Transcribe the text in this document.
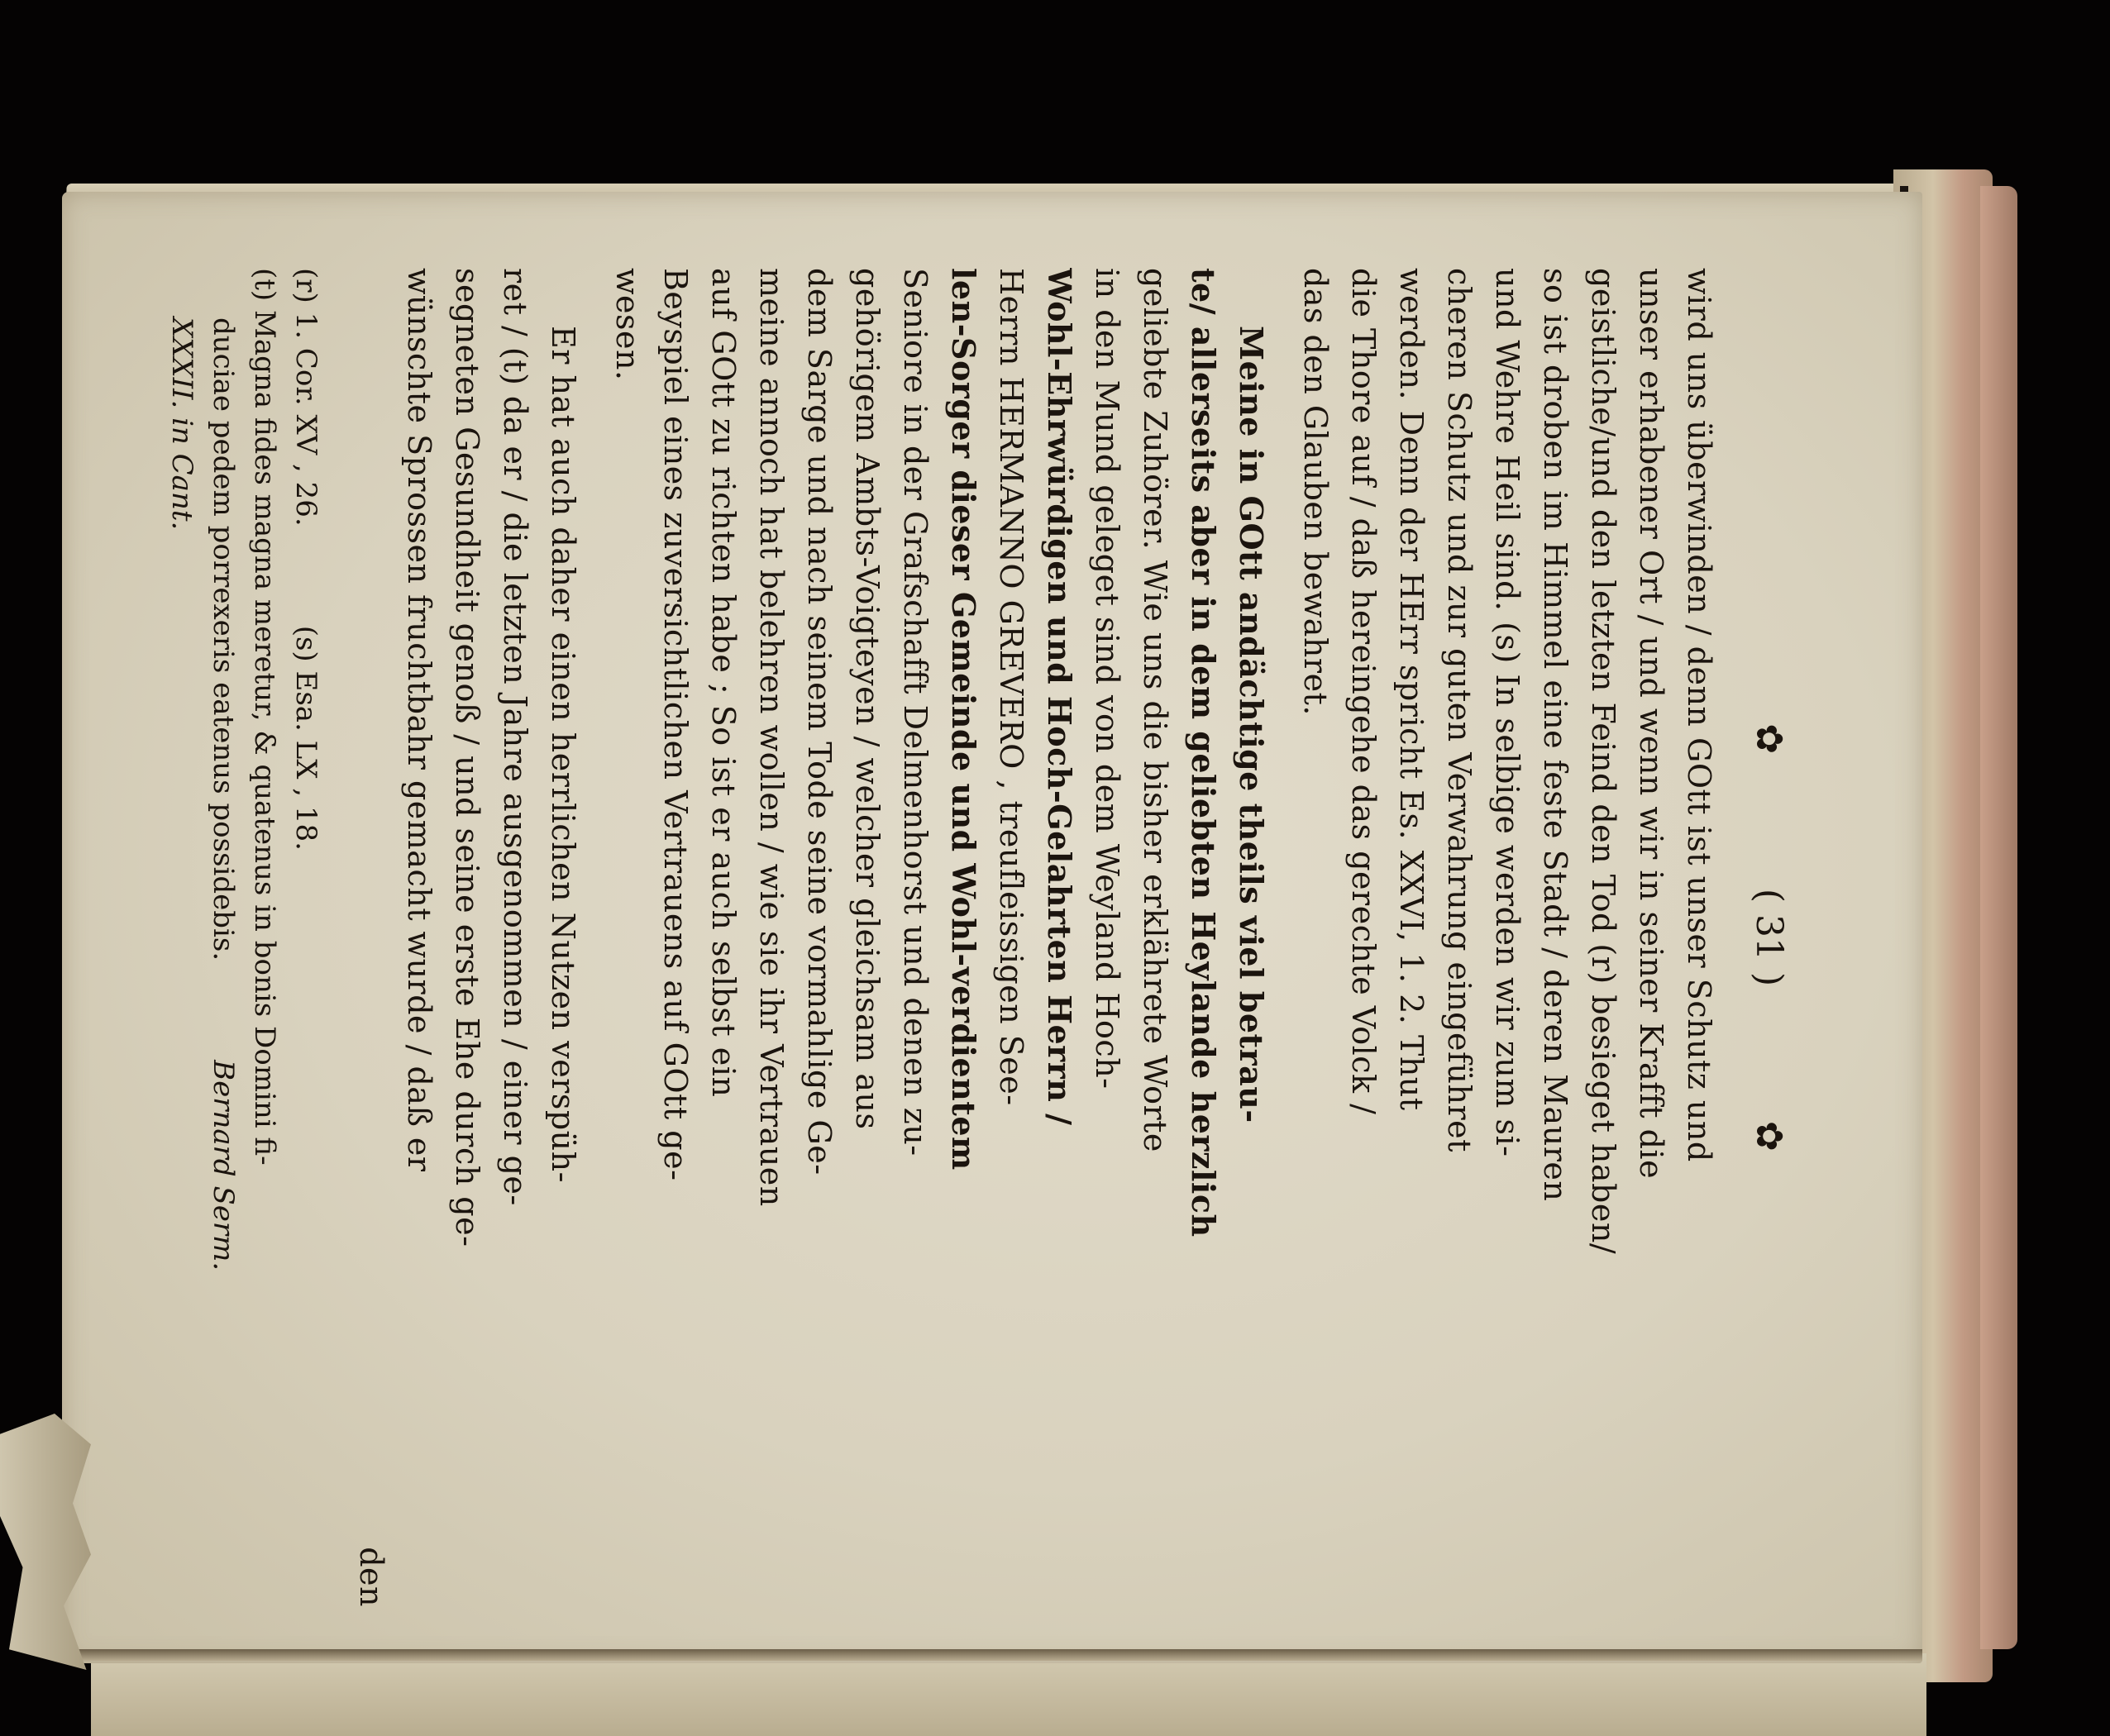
✿ ( 31 ) ✿
wird uns überwinden / denn GOtt ist unser Schutz und
unser erhabener Ort / und wenn wir in seiner Krafft die
geistliche/und den letzten Feind den Tod (r) besieget haben/
so ist droben im Himmel eine feste Stadt / deren Mauren
und Wehre Heil sind. (s) In selbige werden wir zum si-
cheren Schutz und zur guten Verwahrung eingeführet
werden. Denn der HErr spricht Es. XXVI, 1. 2. Thut
die Thore auf / daß hereingehe das gerechte Volck /
das den Glauben bewahret.
Meine in GOtt andächtige theils viel betrau-
te/ allerseits aber in dem geliebten Heylande herzlich
geliebte Zuhörer. Wie uns die bisher erklährete Worte
in den Mund geleget sind von dem Weyland Hoch-
Wohl-Ehrwürdigen und Hoch-Gelahrten Herrn /
Herrn HERMANNO GREVERO , treufleissigen See-
len-Sorger dieser Gemeinde und Wohl-verdientem
Seniore in der Grafschafft Delmenhorst und denen zu-
gehörigem Ambts-Voigteyen / welcher gleichsam aus
dem Sarge und nach seinem Tode seine vormahlige Ge-
meine annoch hat belehren wollen / wie sie ihr Vertrauen
auf GOtt zu richten habe ; So ist er auch selbst ein
Beyspiel eines zuversichtlichen Vertrauens auf GOtt ge-
wesen.
Er hat auch daher einen herrlichen Nutzen verspüh-
ret / (t) da er / die letzten Jahre ausgenommen / einer ge-
segneten Gesundheit genoß / und seine erste Ehe durch ge-
wünschte Sprossen fruchtbahr gemacht wurde / daß er
den
(r) 1. Cor. XV , 26.(s) Esa. LX , 18.
(t) Magna fides magna meretur, & quatenus in bonis Domini fi-
duciae pedem porrexeris eatenus possidebis.Bernard Serm.
XXXII. in Cant.
